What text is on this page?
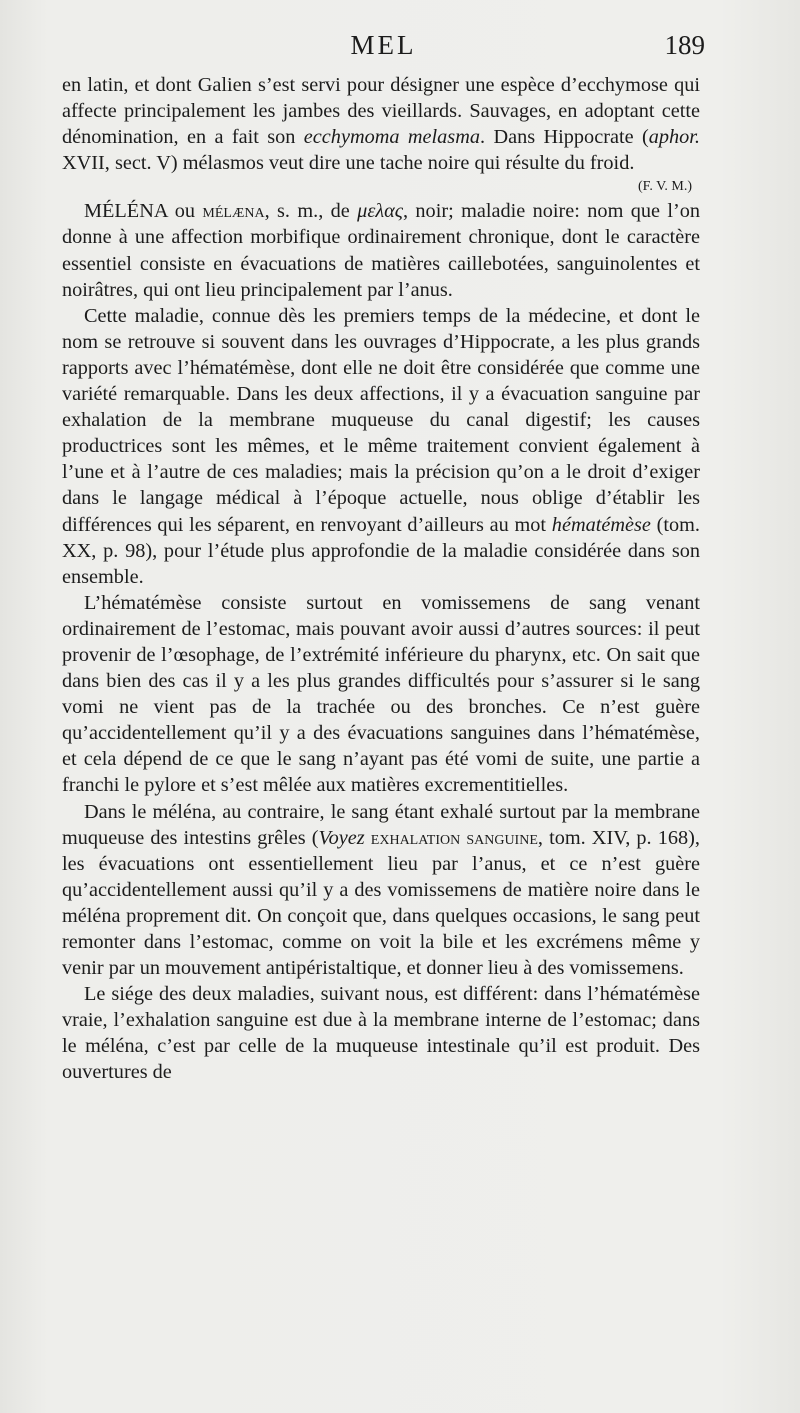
MEL	189

en latin, et dont Galien s’est servi pour désigner une espèce d’ecchymose qui affecte principalement les jambes des vieillards. Sauvages, en adoptant cette dénomination, en a fait son ecchymoma melasma. Dans Hippocrate (aphor. XVII, sect. V) mélasmos veut dire une tache noire qui résulte du froid.

(F. V. M.)

MÉLÉNA ou mélæna, s. m., de μελας, noir; maladie noire: nom que l’on donne à une affection morbifique ordinairement chronique, dont le caractère essentiel consiste en évacuations de matières caillebotées, sanguinolentes et noirâtres, qui ont lieu principalement par l’anus.

Cette maladie, connue dès les premiers temps de la médecine, et dont le nom se retrouve si souvent dans les ouvrages d’Hippocrate, a les plus grands rapports avec l’hématémèse, dont elle ne doit être considérée que comme une variété remarquable. Dans les deux affections, il y a évacuation sanguine par exhalation de la membrane muqueuse du canal digestif; les causes productrices sont les mêmes, et le même traitement convient également à l’une et à l’autre de ces maladies; mais la précision qu’on a le droit d’exiger dans le langage médical à l’époque actuelle, nous oblige d’établir les différences qui les séparent, en renvoyant d’ailleurs au mot hématémèse (tom. XX, p. 98), pour l’étude plus approfondie de la maladie considérée dans son ensemble.

L’hématémèse consiste surtout en vomissemens de sang venant ordinairement de l’estomac, mais pouvant avoir aussi d’autres sources: il peut provenir de l’œsophage, de l’extrémité inférieure du pharynx, etc. On sait que dans bien des cas il y a les plus grandes difficultés pour s’assurer si le sang vomi ne vient pas de la trachée ou des bronches. Ce n’est guère qu’accidentellement qu’il y a des évacuations sanguines dans l’hématémèse, et cela dépend de ce que le sang n’ayant pas été vomi de suite, une partie a franchi le pylore et s’est mêlée aux matières excrementitielles.

Dans le méléna, au contraire, le sang étant exhalé surtout par la membrane muqueuse des intestins grêles (Voyez exhalation sanguine, tom. XIV, p. 168), les évacuations ont essentiellement lieu par l’anus, et ce n’est guère qu’accidentellement aussi qu’il y a des vomissemens de matière noire dans le méléna proprement dit. On conçoit que, dans quelques occasions, le sang peut remonter dans l’estomac, comme on voit la bile et les excrémens même y venir par un mouvement antipéristaltique, et donner lieu à des vomissemens.

Le siége des deux maladies, suivant nous, est différent: dans l’hématémèse vraie, l’exhalation sanguine est due à la membrane interne de l’estomac; dans le méléna, c’est par celle de la muqueuse intestinale qu’il est produit. Des ouvertures de
